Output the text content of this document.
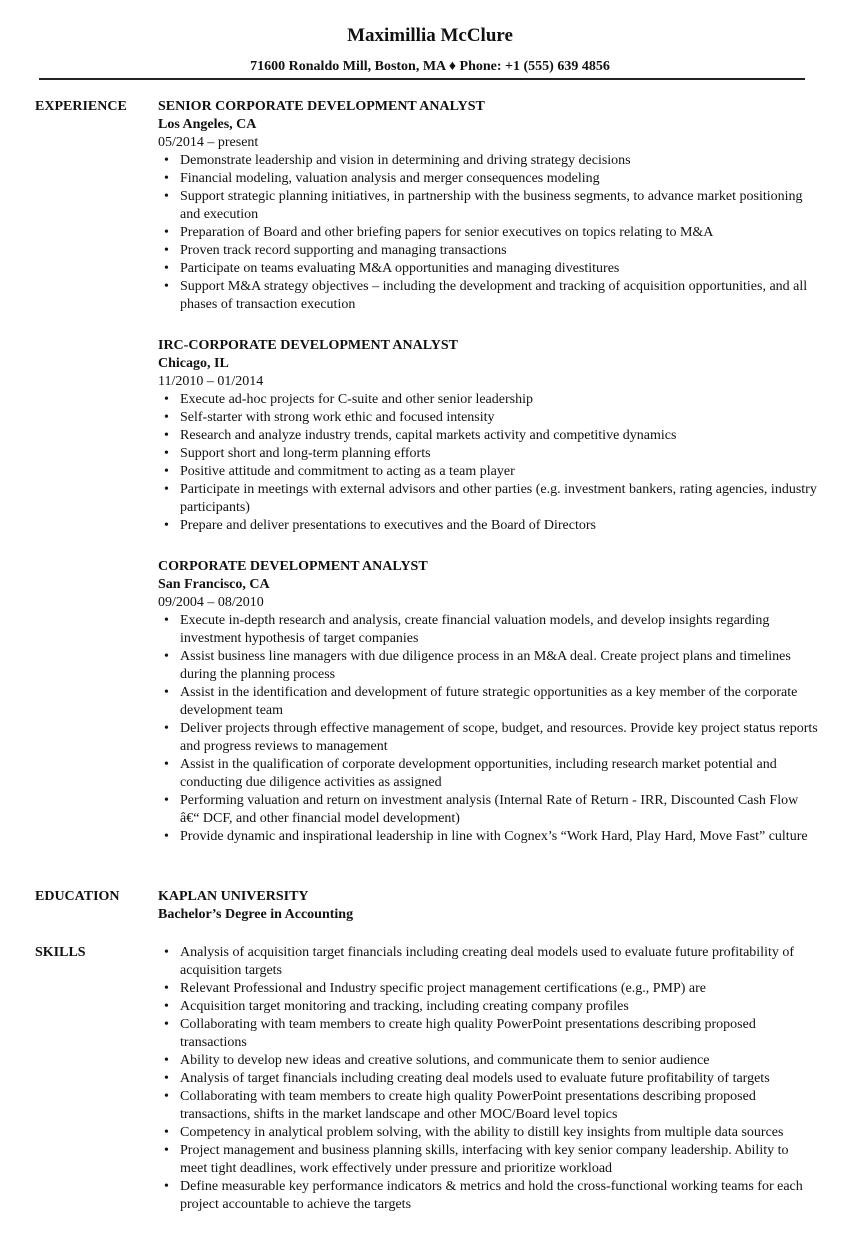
Maximillia McClure
71600 Ronaldo Mill, Boston, MA ♦ Phone: +1 (555) 639 4856
EXPERIENCE	SENIOR CORPORATE DEVELOPMENT ANALYST
Los Angeles, CA
05/2014 – present
• Demonstrate leadership and vision in determining and driving strategy decisions
• Financial modeling, valuation analysis and merger consequences modeling
• Support strategic planning initiatives, in partnership with the business segments, to advance market positioning and execution
• Preparation of Board and other briefing papers for senior executives on topics relating to M&A
• Proven track record supporting and managing transactions
• Participate on teams evaluating M&A opportunities and managing divestitures
• Support M&A strategy objectives – including the development and tracking of acquisition opportunities, and all phases of transaction execution
IRC-CORPORATE DEVELOPMENT ANALYST
Chicago, IL
11/2010 – 01/2014
• Execute ad-hoc projects for C-suite and other senior leadership
• Self-starter with strong work ethic and focused intensity
• Research and analyze industry trends, capital markets activity and competitive dynamics
• Support short and long-term planning efforts
• Positive attitude and commitment to acting as a team player
• Participate in meetings with external advisors and other parties (e.g. investment bankers, rating agencies, industry participants)
• Prepare and deliver presentations to executives and the Board of Directors
CORPORATE DEVELOPMENT ANALYST
San Francisco, CA
09/2004 – 08/2010
• Execute in-depth research and analysis, create financial valuation models, and develop insights regarding investment hypothesis of target companies
• Assist business line managers with due diligence process in an M&A deal. Create project plans and timelines during the planning process
• Assist in the identification and development of future strategic opportunities as a key member of the corporate development team
• Deliver projects through effective management of scope, budget, and resources. Provide key project status reports and progress reviews to management
• Assist in the qualification of corporate development opportunities, including research market potential and conducting due diligence activities as assigned
• Performing valuation and return on investment analysis (Internal Rate of Return - IRR, Discounted Cash Flow â€“ DCF, and other financial model development)
• Provide dynamic and inspirational leadership in line with Cognex’s “Work Hard, Play Hard, Move Fast” culture
EDUCATION	KAPLAN UNIVERSITY
Bachelor’s Degree in Accounting
SKILLS
•	Analysis of acquisition target financials including creating deal models used to evaluate future profitability of acquisition targets
• Relevant Professional and Industry specific project management certifications (e.g., PMP) are
• Acquisition target monitoring and tracking, including creating company profiles
• Collaborating with team members to create high quality PowerPoint presentations describing proposed transactions
• Ability to develop new ideas and creative solutions, and communicate them to senior audience
• Analysis of target financials including creating deal models used to evaluate future profitability of targets
• Collaborating with team members to create high quality PowerPoint presentations describing proposed transactions, shifts in the market landscape and other MOC/Board level topics
• Competency in analytical problem solving, with the ability to distill key insights from multiple data sources
• Project management and business planning skills, interfacing with key senior company leadership. Ability to meet tight deadlines, work effectively under pressure and prioritize workload
• Define measurable key performance indicators & metrics and hold the cross-functional working teams for each project accountable to achieve the targets
